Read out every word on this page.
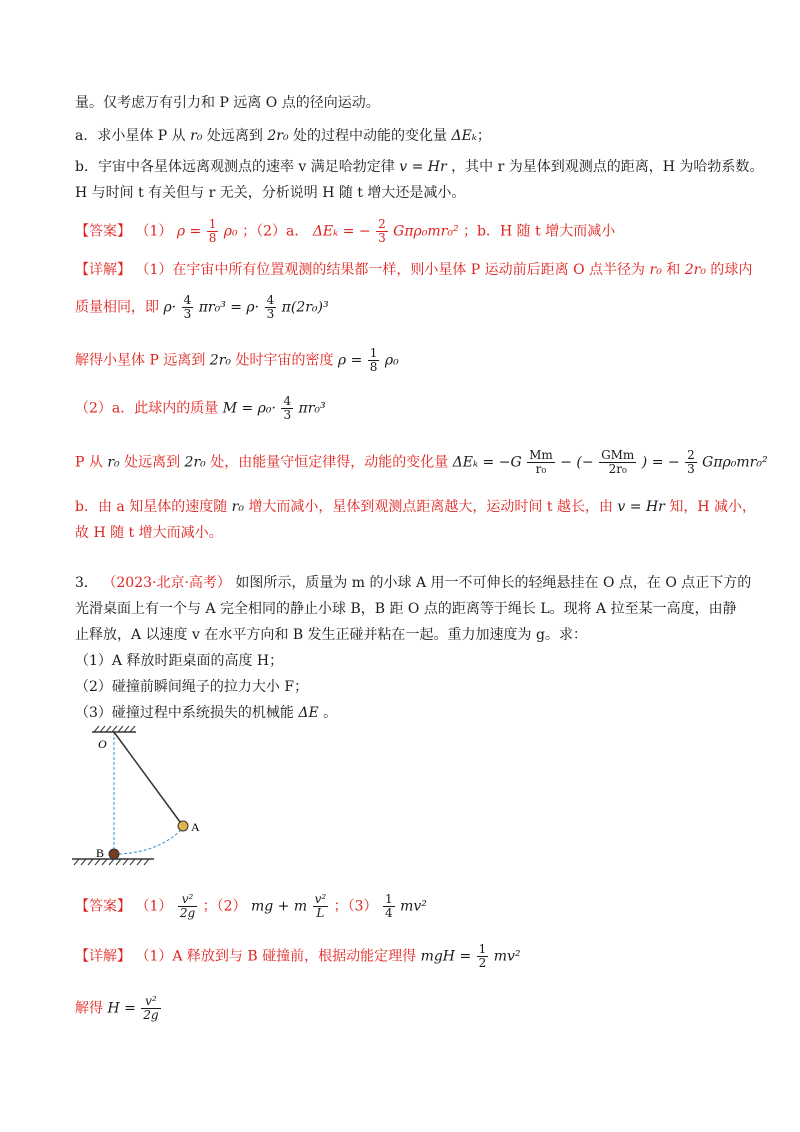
量。仅考虑万有引力和 P 远离 O 点的径向运动。
a．求小星体 P 从 r₀ 处远离到 2r₀ 处的过程中动能的变化量 ΔEₖ；
b．宇宙中各星体远离观测点的速率 v 满足哈勃定律 v = Hr ，其中 r 为星体到观测点的距离，H 为哈勃系数。
H 与时间 t 有关但与 r 无关，分析说明 H 随 t 增大还是减小。
【答案】 （1） $\rho = \frac{1}{8} \rho_0$ ；（2）a． ΔEₖ = − $\frac{2}{3} G\pi\rho_0mr_0^2$ ；b．H 随 t 增大而减小
【详解】 （1）在宇宙中所有位置观测的结果都一样，则小星体 P 运动前后距离 O 点半径为 r₀ 和 2r₀ 的球内
质量相同，即 $\rho\cdot \frac{4}{3} \pi r_0^3 = \rho\cdot \frac{4}{3} \pi(2r_0)^3$
解得小星体 P 远离到 2r₀ 处时宇宙的密度 $\rho = \frac{1}{8} \rho_0$
（2）a．此球内的质量 $M = \rho_0\cdot \frac{4}{3} \pi r_0^3$
P 从 r₀ 处远离到 2r₀ 处，由能量守恒定律得，动能的变化量 $\Delta E_k = -G \frac{Mm}{\text{r₀}}$ − (− $\frac{\text{GMm}}{\text{2r₀}}$ ) = − $\frac{2}{3} G\pi\rho_0mr_0^2$
b．由 a 知星体的速度随 r₀ 增大而减小，星体到观测点距离越大，运动时间 t 越长，由 v = Hr 知，H 减小，
故 H 随 t 增大而减小。
3． （2023·北京·高考） 如图所示，质量为 m 的小球 A 用一不可伸长的轻绳悬挂在 O 点，在 O 点正下方的
光滑桌面上有一个与 A 完全相同的静止小球 B，B 距 O 点的距离等于绳长 L。现将 A 拉至某一高度，由静
止释放，A 以速度 v 在水平方向和 B 发生正碰并粘在一起。重力加速度为 g。求：
（1）A 释放时距桌面的高度 H；
（2）碰撞前瞬间绳子的拉力大小 F；
（3）碰撞过程中系统损失的机械能 ΔE 。
O
A
B
【答案】 $(1) \frac{\text{v²}}{2g}$ ；（2） mg + m $\frac{\text{v²}}{L}$ ；$(3) \frac{1}{4} mv^2$
【详解】 （1）A 释放到与 B 碰撞前，根据动能定理得 mgH = $\frac{1}{2} mv^2$
解得 $H = \frac{\text{v²}}{2g}$
